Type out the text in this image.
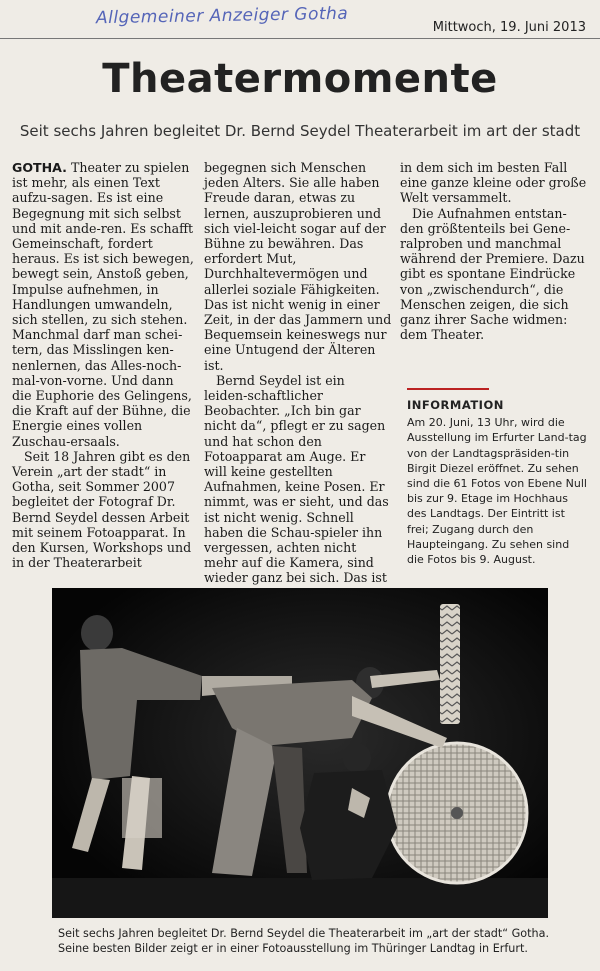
Allgemeiner Anzeiger Gotha	Mittwoch, 19. Juni 2013
Theatermomente
Seit sechs Jahren begleitet Dr. Bernd Seydel Theaterarbeit im art der stadt

GOTHA. Theater zu spielen ist mehr, als einen Text aufzu-sagen. Es ist eine Begegnung mit sich selbst und mit ande-ren. Es schafft Gemeinschaft, fordert heraus. Es ist sich bewegen, bewegt sein, Anstoß geben, Impulse aufnehmen, in Handlungen umwandeln, sich stellen, zu sich stehen. Manchmal darf man schei-tern, das Misslingen ken-nenlernen, das Alles-noch-mal-von-vorne. Und dann die Euphorie des Gelingens, die Kraft auf der Bühne, die Energie eines vollen Zuschau-ersaals.

Seit 18 Jahren gibt es den Verein „art der stadt“ in Gotha, seit Sommer 2007 begleitet der Fotograf Dr. Bernd Seydel dessen Arbeit mit seinem Fotoapparat. In den Kursen, Workshops und in der Theaterarbeit

begegnen sich Menschen jeden Alters. Sie alle haben Freude daran, etwas zu lernen, auszuprobieren und sich viel-leicht sogar auf der Bühne zu bewähren. Das erfordert Mut, Durchhaltevermögen und allerlei soziale Fähigkeiten. Das ist nicht wenig in einer Zeit, in der das Jammern und Bequemsein keineswegs nur eine Untugend der Älteren ist.

Bernd Seydel ist ein leiden-schaftlicher Beobachter. „Ich bin gar nicht da“, pflegt er zu sagen und hat schon den Fotoapparat am Auge. Er will keine gestellten Aufnahmen, keine Posen. Er nimmt, was er sieht, und das ist nicht wenig. Schnell haben die Schau-spieler ihn vergessen, achten nicht mehr auf die Kamera, sind wieder ganz bei sich. Das ist

in dem sich im besten Fall eine ganze kleine oder große Welt versammelt.

Die Aufnahmen entstan-den größtenteils bei Gene-ralproben und manchmal während der Premiere. Dazu gibt es spontane Eindrücke von „zwischendurch“, die Menschen zeigen, die sich ganz ihrer Sache widmen: dem Theater.

INFORMATION
Am 20. Juni, 13 Uhr, wird die Ausstellung im Erfurter Land-tag von der Landtagspräsiden-tin Birgit Diezel eröffnet. Zu sehen sind die 61 Fotos von Ebene Null bis zur 9. Etage im Hochhaus des Landtags. Der Eintritt ist frei; Zugang durch den Haupteingang. Zu sehen sind die Fotos bis 9. August.

Seit sechs Jahren begleitet Dr. Bernd Seydel die Theaterarbeit im „art der stadt“ Gotha.

Seine besten Bilder zeigt er in einer Fotoausstellung im Thüringer Landtag in Erfurt.
